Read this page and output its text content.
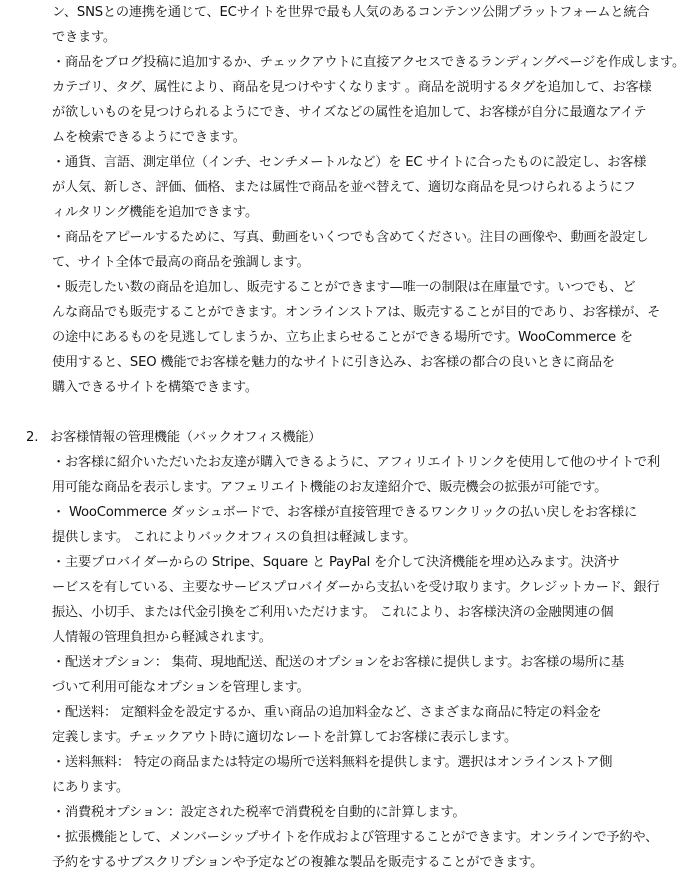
ン、SNSとの連携を通じて、ECサイトを世界で最も人気のあるコンテンツ公開プラットフォームと統合
できます。
・商品をブログ投稿に追加するか、チェックアウトに直接アクセスできるランディングページを作成します。
カテゴリ、タグ、属性により、商品を見つけやすくなります 。商品を説明するタグを追加して、お客様
が欲しいものを見つけられるようにでき、サイズなどの属性を追加して、お客様が自分に最適なアイテ
ムを検索できるようにできます。
・通貨、言語、測定単位（インチ、センチメートルなど）を EC サイトに合ったものに設定し、お客様
が人気、新しさ、評価、価格、または属性で商品を並べ替えて、適切な商品を見つけられるようにフ
ィルタリング機能を追加できます。
・商品をアピールするために、写真、動画をいくつでも含めてください。注目の画像や、動画を設定し
て、サイト全体で最高の商品を強調します。
・販売したい数の商品を追加し、販売することができます—唯一の制限は在庫量です。いつでも、ど
んな商品でも販売することができます。オンラインストアは、販売することが目的であり、お客様が、そ
の途中にあるものを見逃してしまうか、立ち止まらせることができる場所です。WooCommerce を
使用すると、SEO 機能でお客様を魅力的なサイトに引き込み、お客様の都合の良いときに商品を
購入できるサイトを構築できます。
2. お客様情報の管理機能（バックオフィス機能）
・お客様に紹介いただいたお友達が購入できるように、アフィリエイトリンクを使用して他のサイトで利
用可能な商品を表示します。アフェリエイト機能のお友達紹介で、販売機会の拡張が可能です。
・ WooCommerce ダッシュボードで、お客様が直接管理できるワンクリックの払い戻しをお客様に
提供します。 これによりバックオフィスの負担は軽減します。
・主要プロバイダーからの Stripe、Square と PayPal を介して決済機能を埋め込みます。決済サ
ービスを有している、主要なサービスプロバイダーから支払いを受け取ります。クレジットカード、銀行
振込、小切手、または代金引換をご利用いただけます。 これにより、お客様決済の金融関連の個
人情報の管理負担から軽減されます。
・配送オプション： 集荷、現地配送、配送のオプションをお客様に提供します。お客様の場所に基
づいて利用可能なオプションを管理します。
・配送料： 定額料金を設定するか、重い商品の追加料金など、さまざまな商品に特定の料金を
定義します。チェックアウト時に適切なレートを計算してお客様に表示します。
・送料無料： 特定の商品または特定の場所で送料無料を提供します。選択はオンラインストア側
にあります。
・消費税オプション：設定された税率で消費税を自動的に計算します。
・拡張機能として、メンバーシップサイトを作成および管理することができます。オンラインで予約や、
予約をするサブスクリプションや予定などの複雑な製品を販売することができます。
